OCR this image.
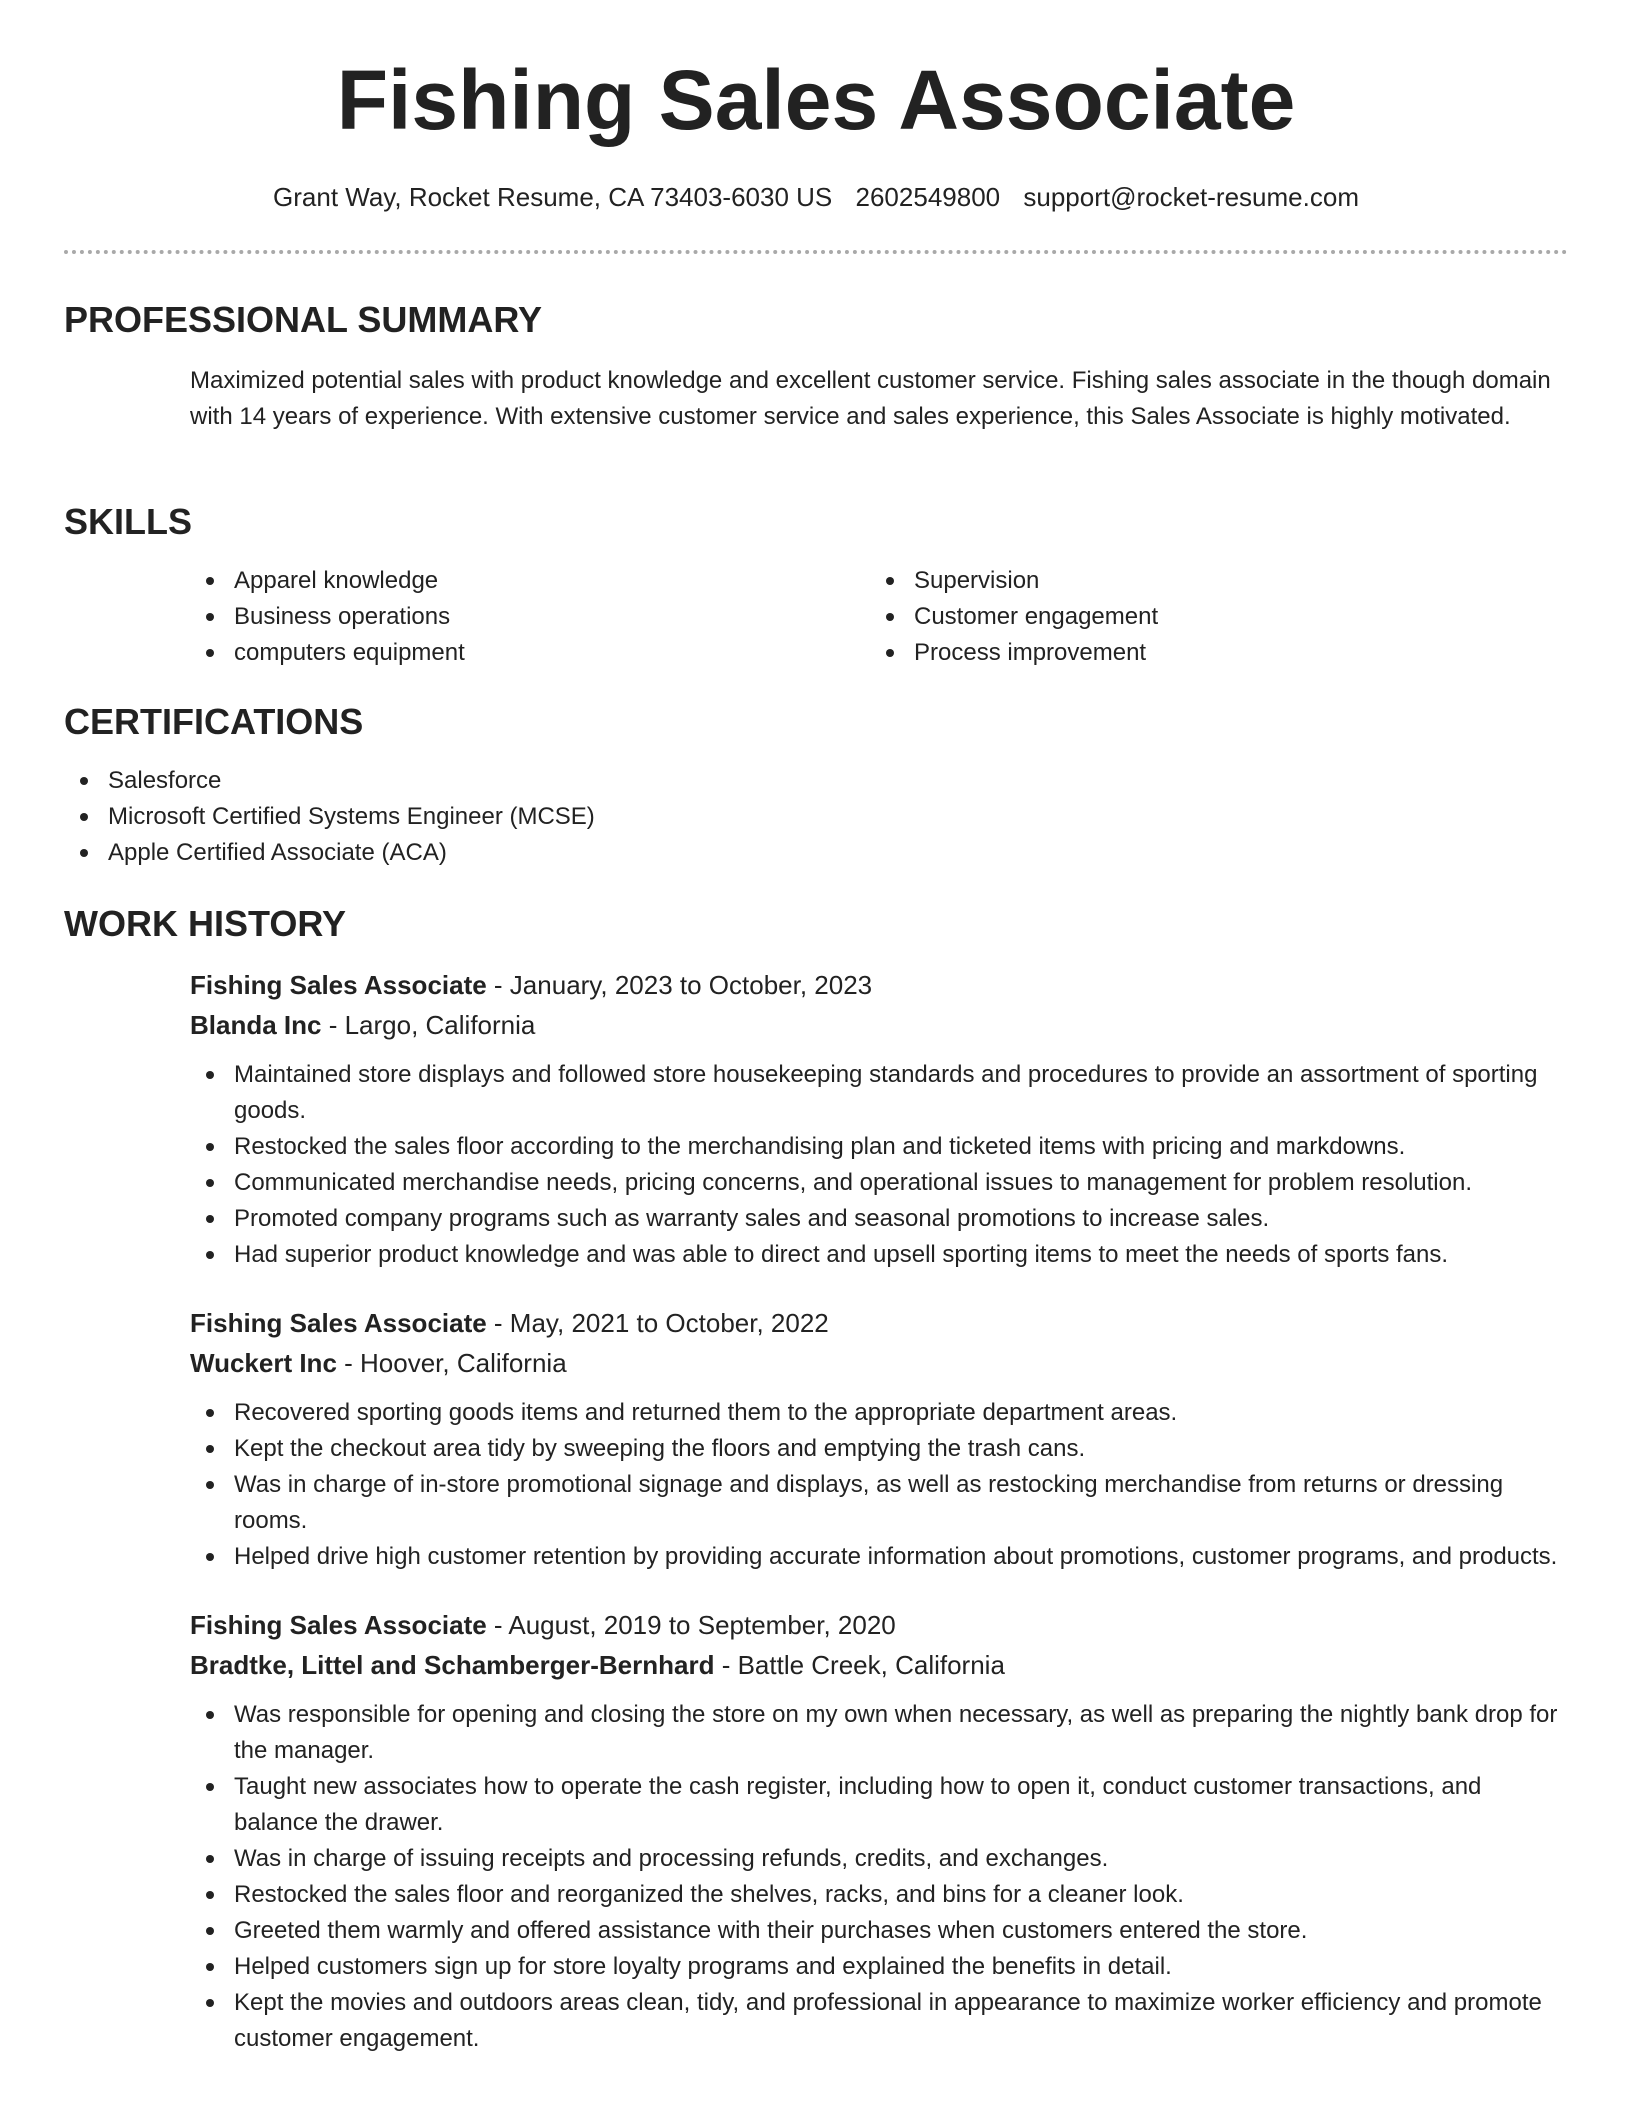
Fishing Sales Associate
Grant Way, Rocket Resume, CA 73403-6030 US 2602549800 support@rocket-resume.com
PROFESSIONAL SUMMARY
Maximized potential sales with product knowledge and excellent customer service. Fishing sales associate in the though domain with 14 years of experience. With extensive customer service and sales experience, this Sales Associate is highly motivated.
SKILLS
Apparel knowledge
Business operations
computers equipment
Supervision
Customer engagement
Process improvement
CERTIFICATIONS
Salesforce
Microsoft Certified Systems Engineer (MCSE)
Apple Certified Associate (ACA)
WORK HISTORY
Fishing Sales Associate - January, 2023 to October, 2023
Blanda Inc - Largo, California
Maintained store displays and followed store housekeeping standards and procedures to provide an assortment of sporting goods.
Restocked the sales floor according to the merchandising plan and ticketed items with pricing and markdowns.
Communicated merchandise needs, pricing concerns, and operational issues to management for problem resolution.
Promoted company programs such as warranty sales and seasonal promotions to increase sales.
Had superior product knowledge and was able to direct and upsell sporting items to meet the needs of sports fans.
Fishing Sales Associate - May, 2021 to October, 2022
Wuckert Inc - Hoover, California
Recovered sporting goods items and returned them to the appropriate department areas.
Kept the checkout area tidy by sweeping the floors and emptying the trash cans.
Was in charge of in-store promotional signage and displays, as well as restocking merchandise from returns or dressing rooms.
Helped drive high customer retention by providing accurate information about promotions, customer programs, and products.
Fishing Sales Associate - August, 2019 to September, 2020
Bradtke, Littel and Schamberger-Bernhard - Battle Creek, California
Was responsible for opening and closing the store on my own when necessary, as well as preparing the nightly bank drop for the manager.
Taught new associates how to operate the cash register, including how to open it, conduct customer transactions, and balance the drawer.
Was in charge of issuing receipts and processing refunds, credits, and exchanges.
Restocked the sales floor and reorganized the shelves, racks, and bins for a cleaner look.
Greeted them warmly and offered assistance with their purchases when customers entered the store.
Helped customers sign up for store loyalty programs and explained the benefits in detail.
Kept the movies and outdoors areas clean, tidy, and professional in appearance to maximize worker efficiency and promote customer engagement.
